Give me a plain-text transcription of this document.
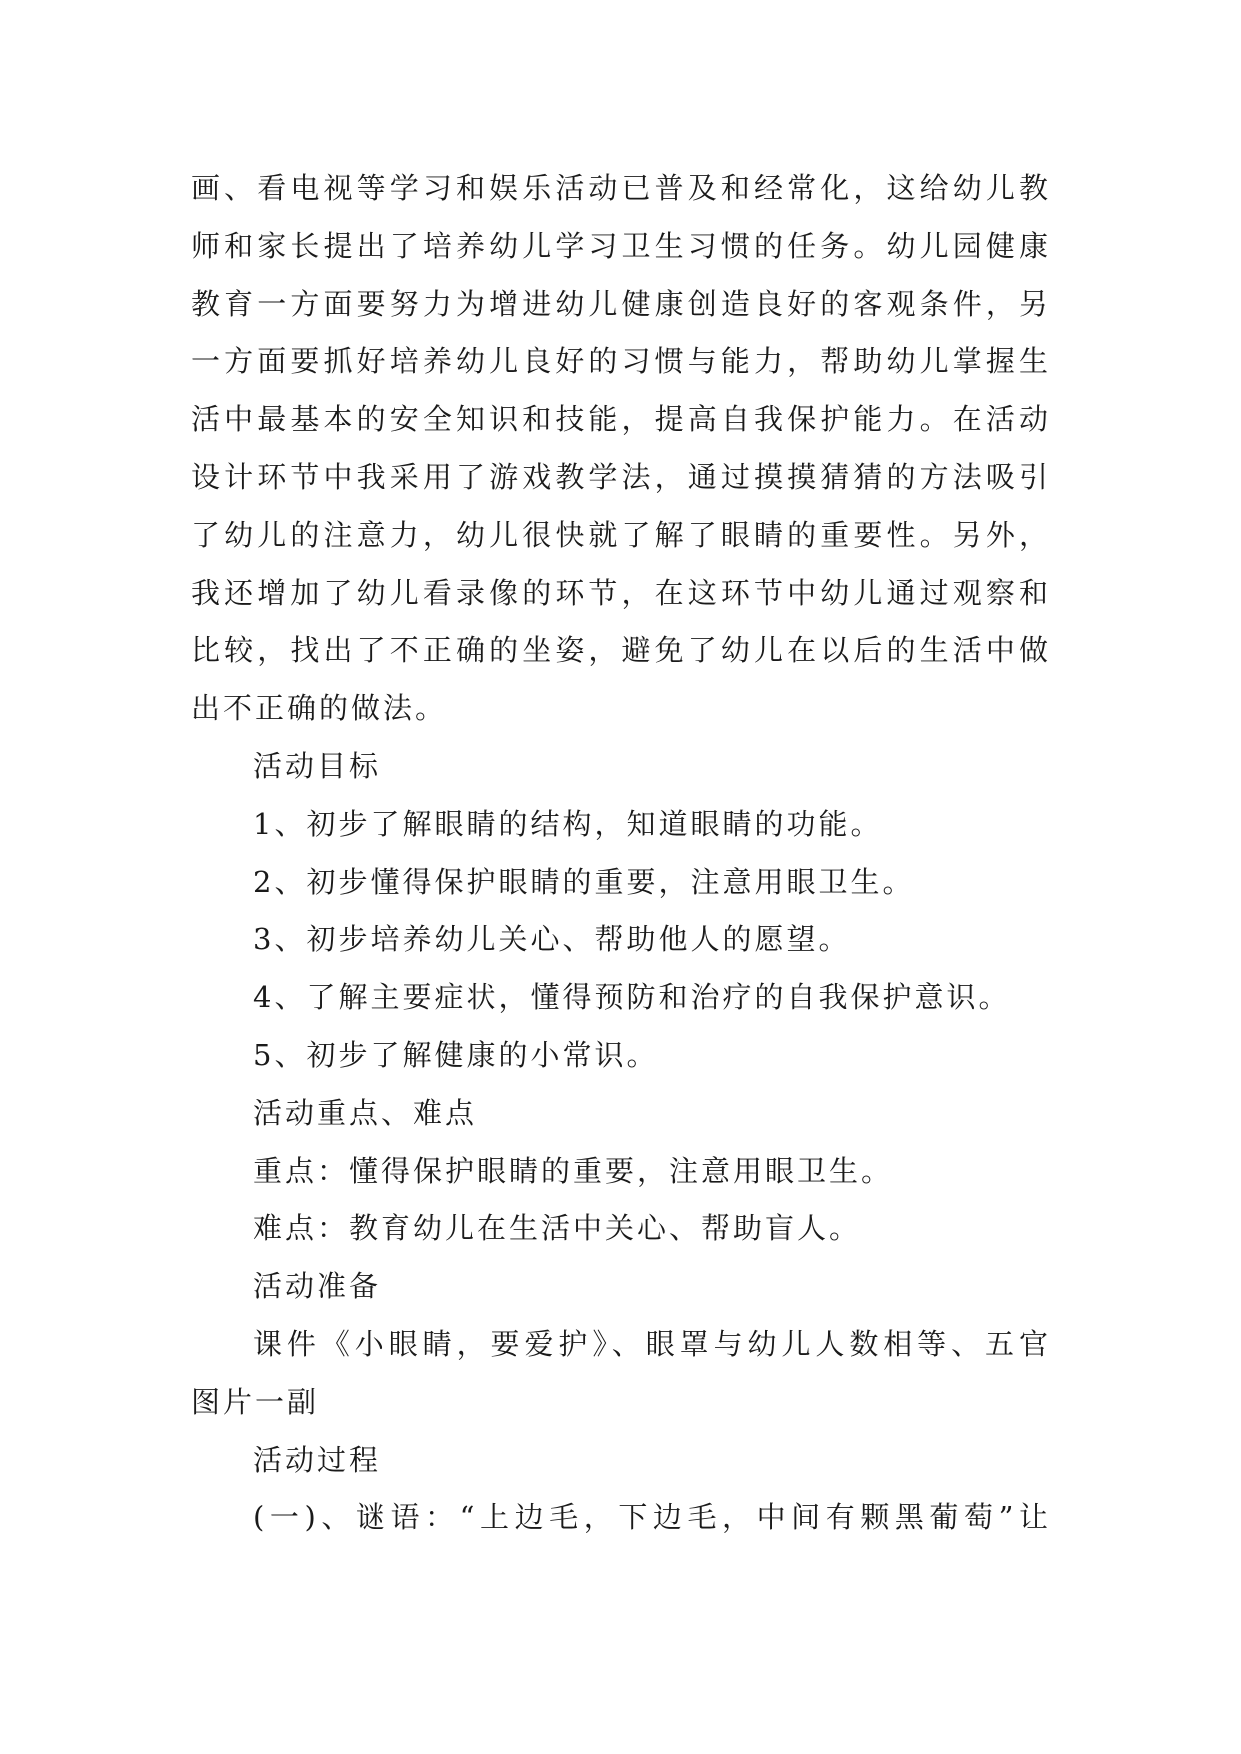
画、看电视等学习和娱乐活动已普及和经常化，这给幼儿教
师和家长提出了培养幼儿学习卫生习惯的任务。幼儿园健康
教育一方面要努力为增进幼儿健康创造良好的客观条件，另
一方面要抓好培养幼儿良好的习惯与能力，帮助幼儿掌握生
活中最基本的安全知识和技能，提高自我保护能力。在活动
设计环节中我采用了游戏教学法，通过摸摸猜猜的方法吸引
了幼儿的注意力，幼儿很快就了解了眼睛的重要性。另外，
我还增加了幼儿看录像的环节，在这环节中幼儿通过观察和
比较，找出了不正确的坐姿，避免了幼儿在以后的生活中做
出不正确的做法。
活动目标
1、初步了解眼睛的结构，知道眼睛的功能。
2、初步懂得保护眼睛的重要，注意用眼卫生。
3、初步培养幼儿关心、帮助他人的愿望。
4、了解主要症状，懂得预防和治疗的自我保护意识。
5、初步了解健康的小常识。
活动重点、难点
重点：懂得保护眼睛的重要，注意用眼卫生。
难点：教育幼儿在生活中关心、帮助盲人。
活动准备
课件《小眼睛，要爱护》、眼罩与幼儿人数相等、五官
图片一副
活动过程
(一)、谜语：“上边毛，下边毛，中间有颗黑葡萄”让
